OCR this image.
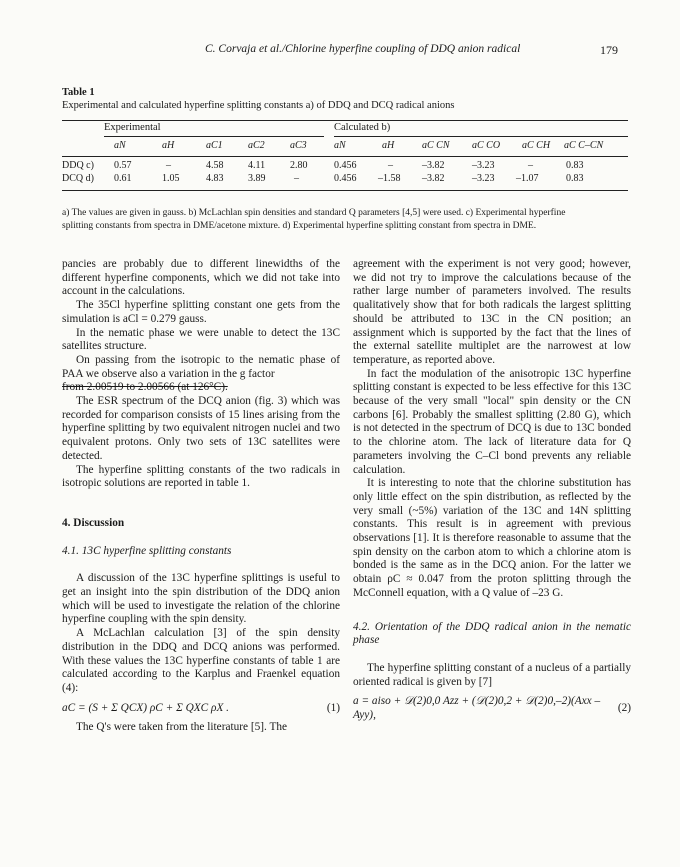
C. Corvaja et al./Chlorine hyperfine coupling of DDQ anion radical	179
Table 1
Experimental and calculated hyperfine splitting constants a) of DDQ and DCQ radical anions
Experimental	Calculated b)
aN	aH	aC1	aC2	aC3	aN	aH	aC CN aC CO aC CH aC C–CN
DDQ c) 0.57	–	4.58 4.11 2.80	0.456	–	–3.82	–3.23	–	0.83
DCQ d) 0.61	1.05	4.83 3.89	–	0.456 –1.58 –3.82	–3.23 –1.07	0.83
a) The values are given in gauss. b) McLachlan spin densities and standard Q parameters [4,5] were used. c) Experimental hyperfine
splitting constants from spectra in DME/acetone mixture. d) Experimental hyperfine splitting constant from spectra in DME.

pancies are probably due to different linewidths of the different hyperfine components, which we did not take into account in the calculations.

The 35Cl hyperfine splitting constant one gets from the simulation is aCl = 0.279 gauss.

In the nematic phase we were unable to detect the 13C satellites structure.

On passing from the isotropic to the nematic phase of PAA we observe also a variation in the g factor

from 2.00519 to 2.00566 (at 126°C).

The ESR spectrum of the DCQ anion (fig. 3) which was recorded for comparison consists of 15 lines arising from the hyperfine splitting by two equivalent nitrogen nuclei and two equivalent protons. Only two sets of 13C satellites were detected.

The hyperfine splitting constants of the two radicals in isotropic solutions are reported in table 1.

4. Discussion

4.1. 13C hyperfine splitting constants

A discussion of the 13C hyperfine splittings is useful to get an insight into the spin distribution of the DDQ anion which will be used to investigate the relation of the chlorine hyperfine coupling with the spin density.

A McLachlan calculation [3] of the spin density distribution in the DDQ and DCQ anions was performed. With these values the 13C hyperfine constants of table 1 are calculated according to the Karplus and Fraenkel equation (4):

aC = (S + Σ QCX) ρC + Σ QXC ρX .	(1)

The Q's were taken from the literature [5]. The

agreement with the experiment is not very good; however, we did not try to improve the calculations because of the rather large number of parameters involved. The results qualitatively show that for both radicals the largest splitting should be attributed to 13C in the CN position; an assignment which is supported by the fact that the lines of the external satellite multiplet are the narrowest at low temperature, as reported above.

In fact the modulation of the anisotropic 13C hyperfine splitting constant is expected to be less effective for this 13C because of the very small "local" spin density or the CN carbons [6]. Probably the smallest splitting (2.80 G), which is not detected in the spectrum of DCQ is due to 13C bonded to the chlorine atom. The lack of literature data for Q parameters involving the C–Cl bond prevents any reliable calculation.

It is interesting to note that the chlorine substitution has only little effect on the spin distribution, as reflected by the very small (~5%) variation of the 13C and 14N splitting constants. This result is in agreement with previous observations [1]. It is therefore reasonable to assume that the spin density on the carbon atom to which a chlorine atom is bonded is the same as in the DCQ anion. For the latter we obtain ρC ≈ 0.047 from the proton splitting through the McConnell equation, with a Q value of –23 G.

4.2. Orientation of the DDQ radical anion in the nematic phase

The hyperfine splitting constant of a nucleus of a partially oriented radical is given by [7]

a = aiso + 𝒟(2)0,0 Azz + (𝒟(2)0,2 + 𝒟(2)0,–2)(Axx – Ayy),
(2)
